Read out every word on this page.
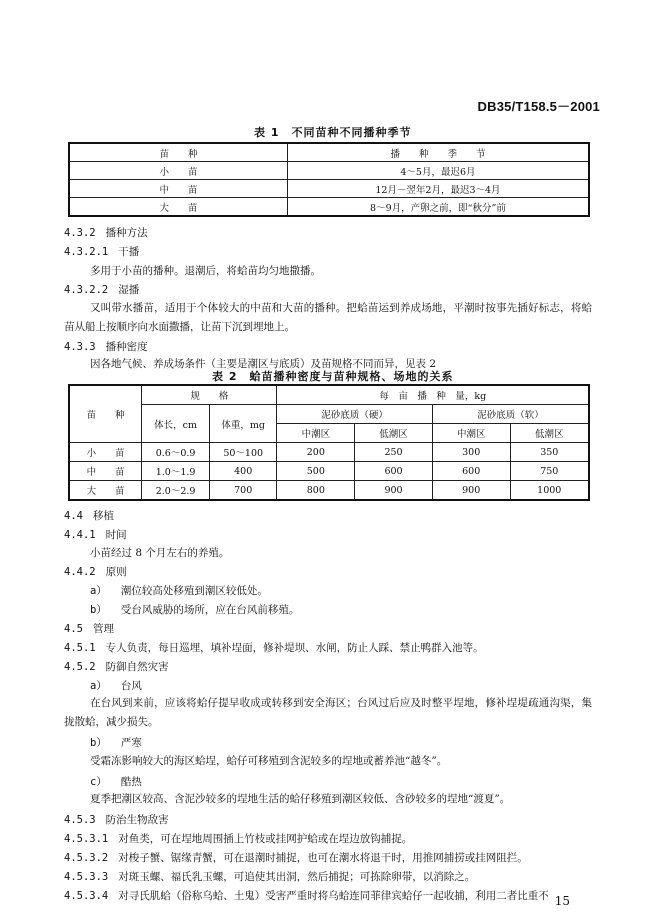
DB35/T158.5－2001
表 1　不同苗种不同播种季节
苗　　种	播　　种　　季　　节
小　　苗	4～5月，最迟6月
中　　苗	12月－翌年2月，最迟3～4月
大　　苗	8～9月，产卵之前，即“秋分”前
4.3.2 播种方法
4.3.2.1 干播
多用于小苗的播种。退潮后，将蛤苗均匀地撒播。
4.3.2.2 湿播
又叫带水播苗，适用于个体较大的中苗和大苗的播种。把蛤苗运到养成场地，平潮时按事先插好标志，将蛤苗从船上按顺序向水面撒播，让苗下沉到埋地上。
4.3.3 播种密度
因各地气候、养成场条件（主要是潮区与底质）及苗规格不同而异，见表 2
表 2　蛤苗播种密度与苗种规格、场地的关系
苗　　种	规　　格		每　亩　播　种　量，kg			
	体长，cm	体重，mg	泥砂底质（硬）		泥砂底质（软）	
			中潮区	低潮区	中潮区	低潮区
小　　苗	0.6～0.9	50～100	200	250	300	350
中　　苗	1.0～1.9	400	500	600	600	750
大　　苗	2.0～2.9	700	800	900	900	1000
4.4 移植
4.4.1 时间
小苗经过 8 个月左右的养殖。
4.4.2 原则
a） 潮位较高处移殖到潮区较低处。
b） 受台风威胁的场所，应在台风前移殖。
4.5 管理
4.5.1 专人负责，每日巡埋，填补埕面，修补堤坝、水闸，防止人踩、禁止鸭群入池等。
4.5.2 防御自然灾害
a） 台风
在台风到来前，应该将蛤仔提早收成或转移到安全海区；台风过后应及时整平埕地，修补埕堤疏通沟渠，集拢散蛤，减少损失。
b） 严寒
受霜冻影响较大的海区蛤埕，蛤仔可移殖到含泥较多的埕地或蓄养池“越冬”。
c） 酷热
夏季把潮区较高、含泥沙较多的埕地生活的蛤仔移殖到潮区较低、含砂较多的埕地“渡夏”。
4.5.3 防治生物敌害
4.5.3.1 对鱼类，可在埕地周围插上竹枝或挂网护蛤或在埕边放钩捕捉。
4.5.3.2 对梭子蟹、锯缘青蟹，可在退潮时捕捉，也可在潮水将退干时，用推网捕捞或挂网阻拦。
4.5.3.3 对斑玉螺、福氏乳玉螺，可追使其出洞，然后捕捉；可拣除卵带，以消除之。
4.5.3.4 对寻氏肌蛤（俗称乌蛤、土鬼）受害严重时将乌蛤连同菲律宾蛤仔一起收捕，利用二者比重不 15
